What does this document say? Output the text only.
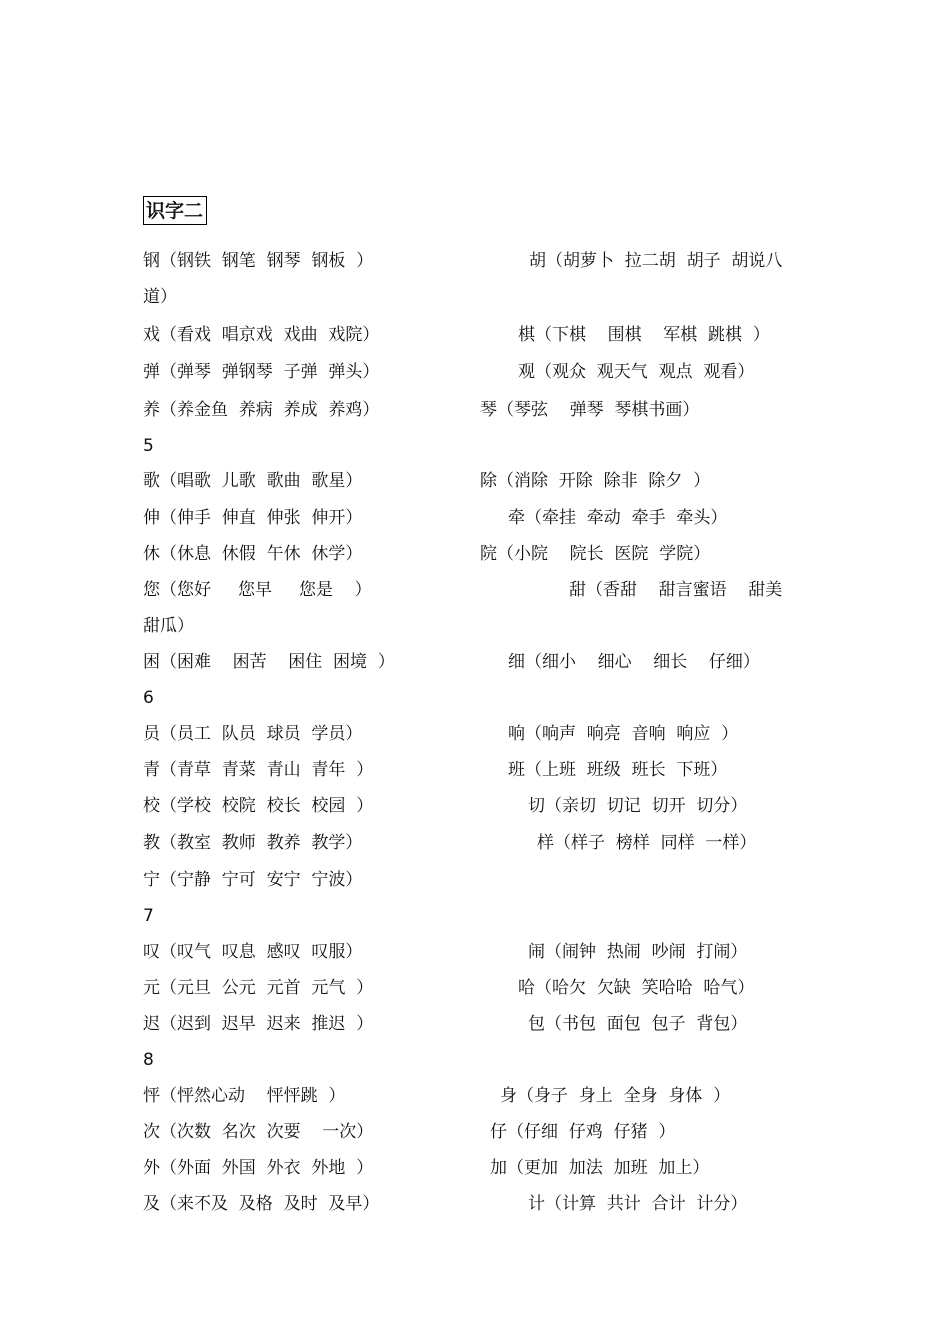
识字二
钢（钢铁  钢笔  钢琴  钢板  ）	胡（胡萝卜  拉二胡  胡子  胡说八
道）
戏（看戏  唱京戏  戏曲  戏院）	棋（下棋    围棋    军棋  跳棋  ）
弹（弹琴  弹钢琴  子弹  弹头）	观（观众  观天气  观点  观看）
养（养金鱼  养病  养成  养鸡）	琴（琴弦    弹琴  琴棋书画）
5
歌（唱歌  儿歌  歌曲  歌星）	除（消除  开除  除非  除夕  ）
伸（伸手  伸直  伸张  伸开）	牵（牵挂  牵动  牵手  牵头）
休（休息  休假  午休  休学）	院（小院    院长  医院  学院）
您（您好     您早     您是    ）	甜（香甜    甜言蜜语    甜美
甜瓜）
困（困难    困苦    困住  困境  ）	细（细小    细心    细长    仔细）
6
员（员工  队员  球员  学员）	响（响声  响亮  音响  响应  ）
青（青草  青菜  青山  青年  ）	班（上班  班级  班长  下班）
校（学校  校院  校长  校园  ）	切（亲切  切记  切开  切分）
教（教室  教师  教养  教学）	样（样子  榜样  同样  一样）
宁（宁静  宁可  安宁  宁波）
7
叹（叹气  叹息  感叹  叹服）	闹（闹钟  热闹  吵闹  打闹）
元（元旦  公元  元首  元气  ）	哈（哈欠  欠缺  笑哈哈  哈气）
迟（迟到  迟早  迟来  推迟  ）	包（书包  面包  包子  背包）
8
怦（怦然心动    怦怦跳  ）	身（身子  身上  全身  身体  ）
次（次数  名次  次要    一次）	仔（仔细  仔鸡  仔猪  ）
外（外面  外国  外衣  外地  ）	加（更加  加法  加班  加上）
及（来不及  及格  及时  及早）	计（计算  共计  合计  计分）
